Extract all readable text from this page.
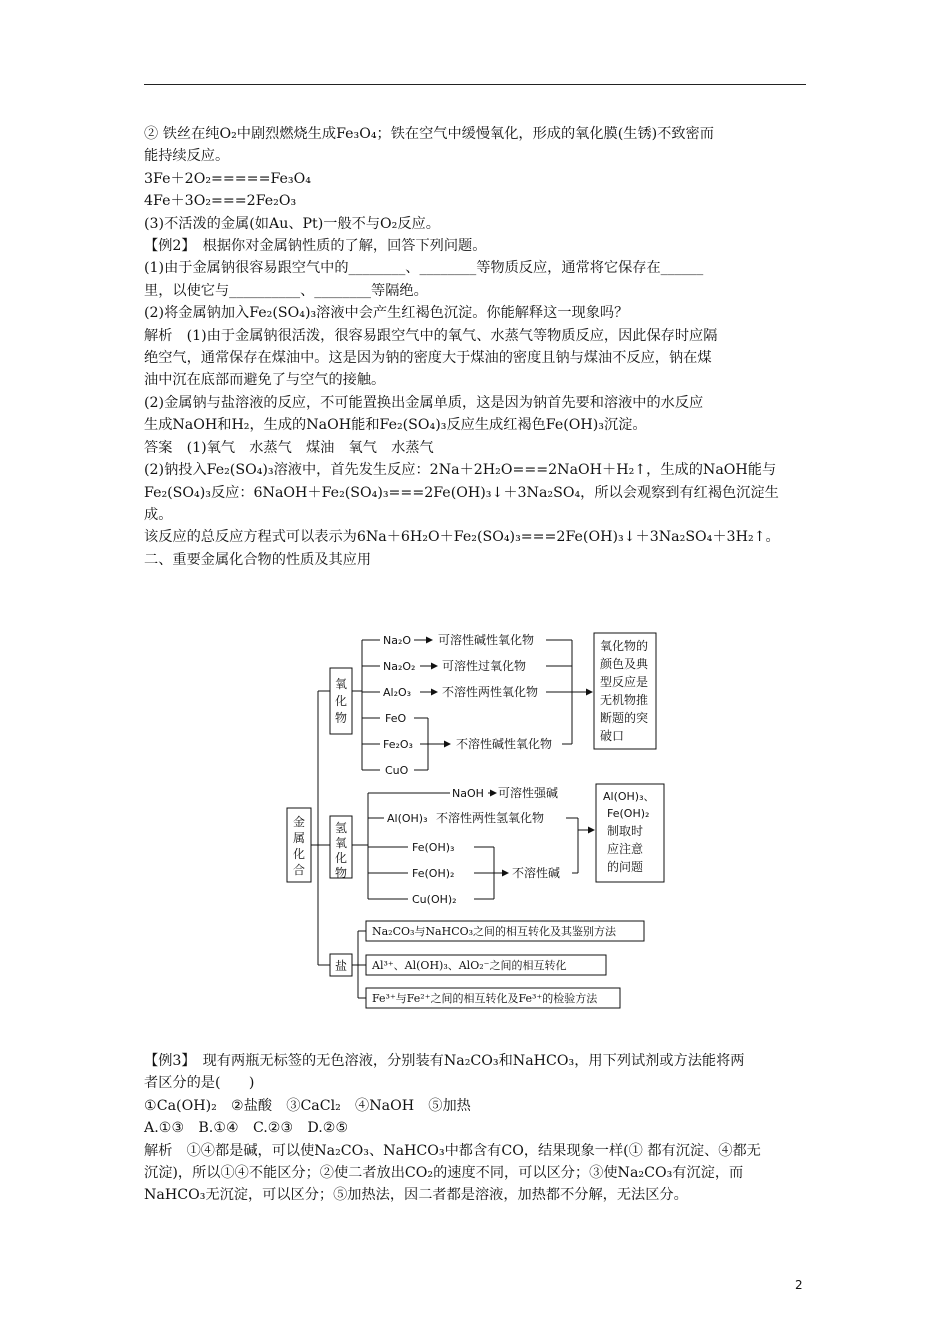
② 铁丝在纯O₂中剧烈燃烧生成Fe₃O₄；铁在空气中缓慢氧化，形成的氧化膜(生锈)不致密而

能持续反应。

3Fe＋2O₂=====Fe₃O₄

4Fe＋3O₂===2Fe₂O₃

(3)不活泼的金属(如Au、Pt)一般不与O₂反应。

【例2】　根据你对金属钠性质的了解，回答下列问题。

(1)由于金属钠很容易跟空气中的________、________等物质反应，通常将它保存在______

里，以使它与__________、________等隔绝。

(2)将金属钠加入Fe₂(SO₄)₃溶液中会产生红褐色沉淀。你能解释这一现象吗？

解析　(1)由于金属钠很活泼，很容易跟空气中的氧气、水蒸气等物质反应，因此保存时应隔

绝空气，通常保存在煤油中。这是因为钠的密度大于煤油的密度且钠与煤油不反应，钠在煤

油中沉在底部而避免了与空气的接触。

(2)金属钠与盐溶液的反应，不可能置换出金属单质，这是因为钠首先要和溶液中的水反应

生成NaOH和H₂，生成的NaOH能和Fe₂(SO₄)₃反应生成红褐色Fe(OH)₃沉淀。

答案　(1)氧气　水蒸气　煤油　氧气　水蒸气

(2)钠投入Fe₂(SO₄)₃溶液中，首先发生反应：2Na＋2H₂O===2NaOH＋H₂↑，生成的NaOH能与

Fe₂(SO₄)₃反应：6NaOH＋Fe₂(SO₄)₃===2Fe(OH)₃↓＋3Na₂SO₄，所以会观察到有红褐色沉淀生成。

该反应的总反应方程式可以表示为6Na＋6H₂O＋Fe₂(SO₄)₃===2Fe(OH)₃↓＋3Na₂SO₄＋3H₂↑。

二、重要金属化合物的性质及其应用

金
属
化
合
氧
化
物
氢
氧
化
物
盐
Na₂O
Na₂O₂
Al₂O₃
FeO
Fe₂O₃
CuO
可溶性碱性氧化物
可溶性过氧化物
不溶性两性氧化物
不溶性碱性氧化物
氧化物的
颜色及典
型反应是
无机物推
断题的突
破口
NaOH
Al(OH)₃
Fe(OH)₃
Fe(OH)₂
Cu(OH)₂
可溶性强碱
不溶性两性氢氧化物
不溶性碱
Al(OH)₃、
Fe(OH)₂
制取时
应注意
的问题
Na₂CO₃与NaHCO₃之间的相互转化及其鉴别方法
Al³⁺、Al(OH)₃、AlO₂⁻之间的相互转化
Fe³⁺与Fe²⁺之间的相互转化及Fe³⁺的检验方法

【例3】　现有两瓶无标签的无色溶液，分别装有Na₂CO₃和NaHCO₃，用下列试剂或方法能将两

者区分的是(　　)

①Ca(OH)₂　②盐酸　③CaCl₂　④NaOH　⑤加热

A.①③　B.①④　C.②③　D.②⑤

解析　①④都是碱，可以使Na₂CO₃、NaHCO₃中都含有CO，结果现象一样(① 都有沉淀、④都无

沉淀)，所以①④不能区分；②使二者放出CO₂的速度不同，可以区分；③使Na₂CO₃有沉淀，而

NaHCO₃无沉淀，可以区分；⑤加热法，因二者都是溶液，加热都不分解，无法区分。

2
